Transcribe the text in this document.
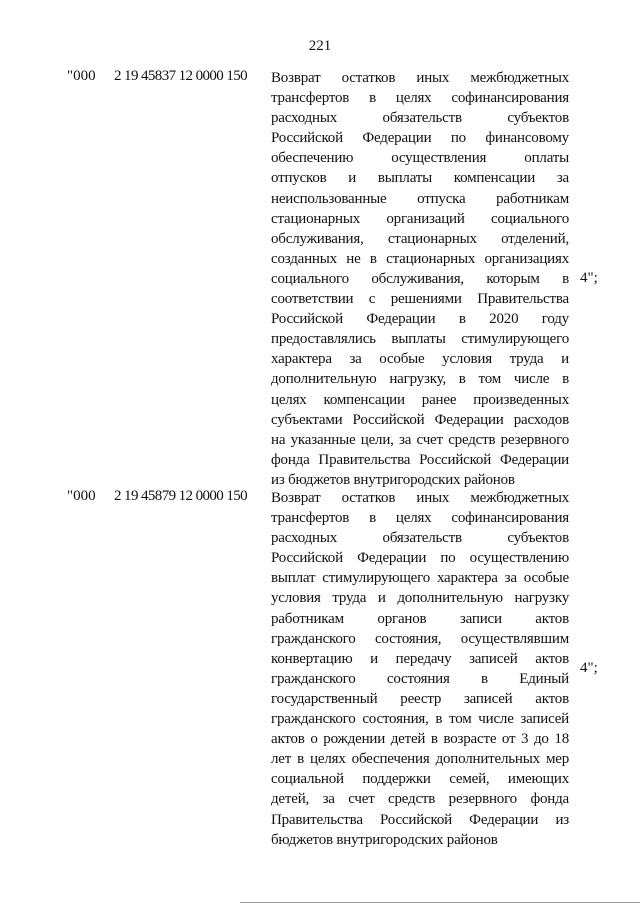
221
"000 2 19 45837 12 0000 150 Возврат остатков иных межбюджетных
трансфертов в целях софинансирования
расходных обязательств субъектов
Российской Федерации по финансовому
обеспечению осуществления оплаты
отпусков и выплаты компенсации за
неиспользованные отпуска работникам
стационарных организаций социального
обслуживания, стационарных отделений,
созданных не в стационарных организациях
социального обслуживания, которым в
соответствии с решениями Правительства
Российской Федерации в 2020 году
предоставлялись выплаты стимулирующего
характера за особые условия труда и
дополнительную нагрузку, в том числе в
целях компенсации ранее произведенных
субъектами Российской Федерации расходов
на указанные цели, за счет средств резервного
фонда Правительства Российской Федерации
из бюджетов внутригородских районов
4";
"000 2 19 45879 12 0000 150 Возврат остатков иных межбюджетных
трансфертов в целях софинансирования
расходных обязательств субъектов
Российской Федерации по осуществлению
выплат стимулирующего характера за особые
условия труда и дополнительную нагрузку
работникам органов записи актов
гражданского состояния, осуществлявшим
конвертацию и передачу записей актов
гражданского состояния в Единый
государственный реестр записей актов
гражданского состояния, в том числе записей
актов о рождении детей в возрасте от 3 до 18
лет в целях обеспечения дополнительных мер
социальной поддержки семей, имеющих
детей, за счет средств резервного фонда
Правительства Российской Федерации из
бюджетов внутригородских районов
4";
